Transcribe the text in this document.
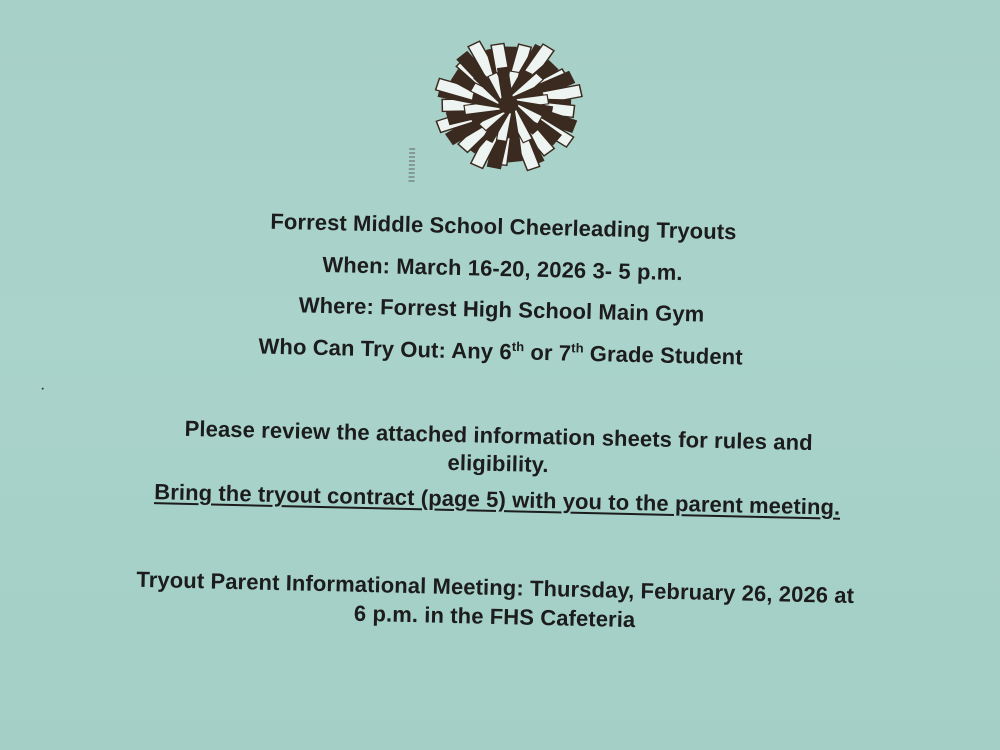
Forrest Middle School Cheerleading Tryouts
When: March 16-20, 2026 3- 5 p.m.
Where: Forrest High School Main Gym
Who Can Try Out: Any 6th or 7th Grade Student
Please review the attached information sheets for rules and
eligibility.
Bring the tryout contract (page 5) with you to the parent meeting.
Tryout Parent Informational Meeting: Thursday, February 26, 2026 at
6 p.m. in the FHS Cafeteria
